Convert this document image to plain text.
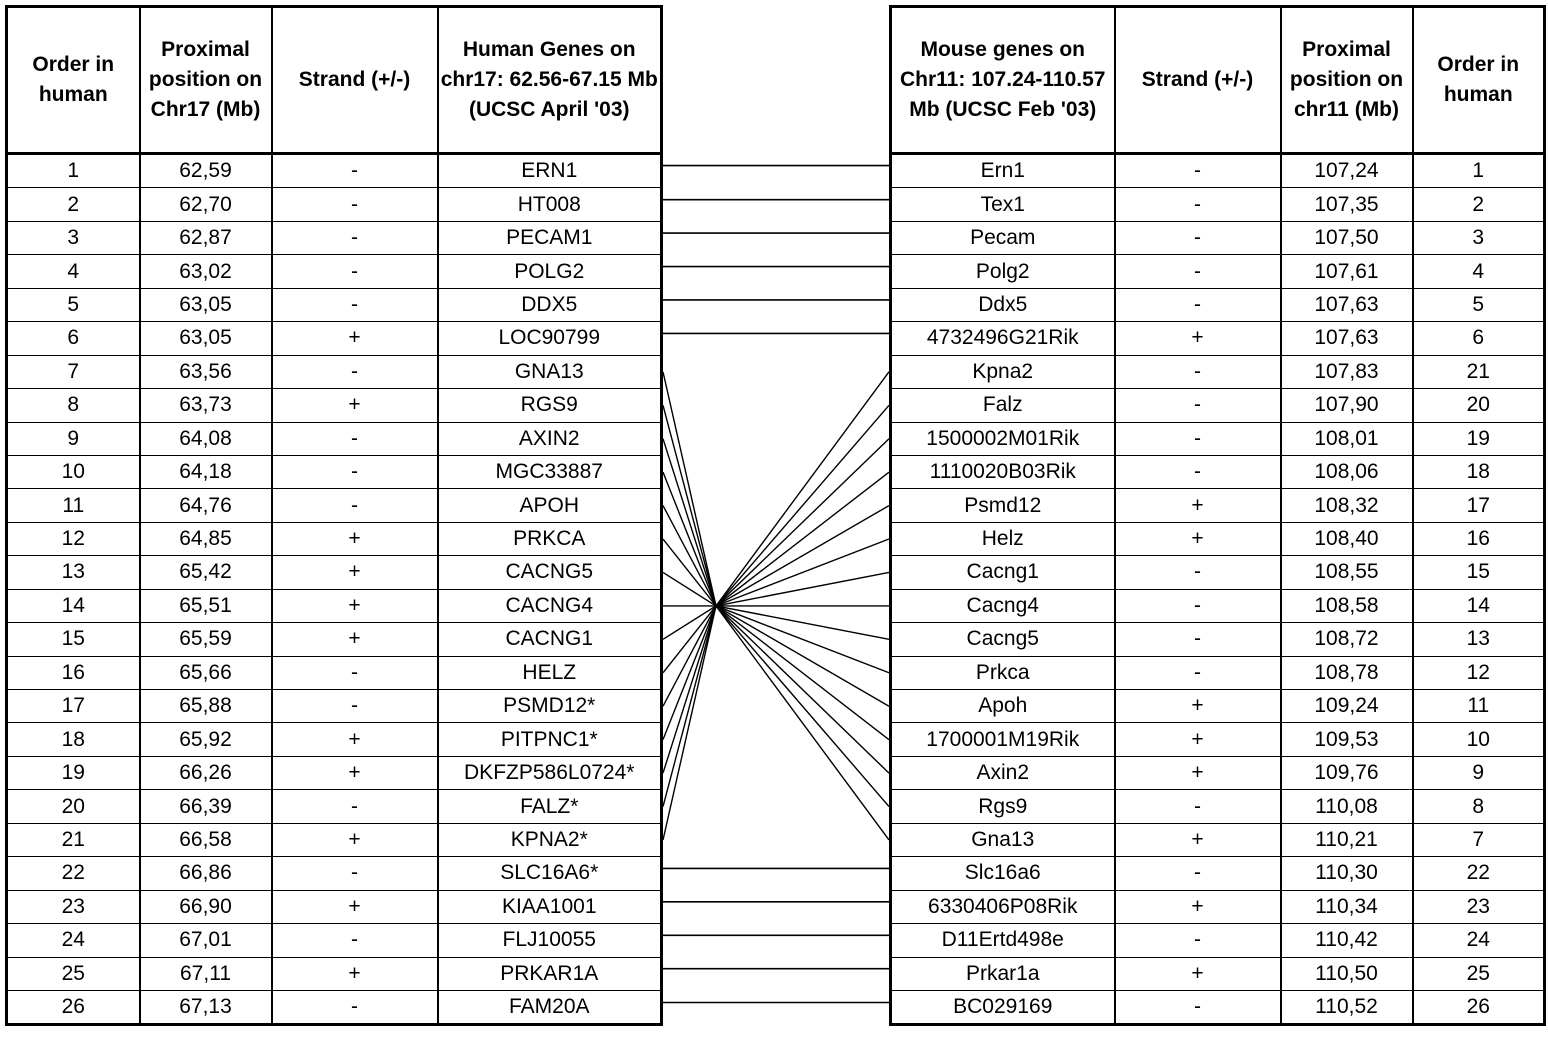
Order in human	Proximal position on Chr17 (Mb)	Strand (+/-)	Human Genes on chr17: 62.56-67.15 Mb (UCSC April '03)
1	62,59	-	ERN1
2	62,70	-	HT008
3	62,87	-	PECAM1
4	63,02	-	POLG2
5	63,05	-	DDX5
6	63,05	+	LOC90799
7	63,56	-	GNA13
8	63,73	+	RGS9
9	64,08	-	AXIN2
10	64,18	-	MGC33887
11	64,76	-	APOH
12	64,85	+	PRKCA
13	65,42	+	CACNG5
14	65,51	+	CACNG4
15	65,59	+	CACNG1
16	65,66	-	HELZ
17	65,88	-	PSMD12*
18	65,92	+	PITPNC1*
19	66,26	+	DKFZP586L0724*
20	66,39	-	FALZ*
21	66,58	+	KPNA2*
22	66,86	-	SLC16A6*
23	66,90	+	KIAA1001
24	67,01	-	FLJ10055
25	67,11	+	PRKAR1A
26	67,13	-	FAM20A
Mouse genes on Chr11: 107.24-110.57 Mb (UCSC Feb '03)	Strand (+/-)	Proximal position on chr11 (Mb)	Order in human
Ern1	-	107,24	1
Tex1	-	107,35	2
Pecam	-	107,50	3
Polg2	-	107,61	4
Ddx5	-	107,63	5
4732496G21Rik	+	107,63	6
Kpna2	-	107,83	21
Falz	-	107,90	20
1500002M01Rik	-	108,01	19
1110020B03Rik	-	108,06	18
Psmd12	+	108,32	17
Helz	+	108,40	16
Cacng1	-	108,55	15
Cacng4	-	108,58	14
Cacng5	-	108,72	13
Prkca	-	108,78	12
Apoh	+	109,24	11
1700001M19Rik	+	109,53	10
Axin2	+	109,76	9
Rgs9	-	110,08	8
Gna13	+	110,21	7
Slc16a6	-	110,30	22
6330406P08Rik	+	110,34	23
D11Ertd498e	-	110,42	24
Prkar1a	+	110,50	25
BC029169	-	110,52	26
